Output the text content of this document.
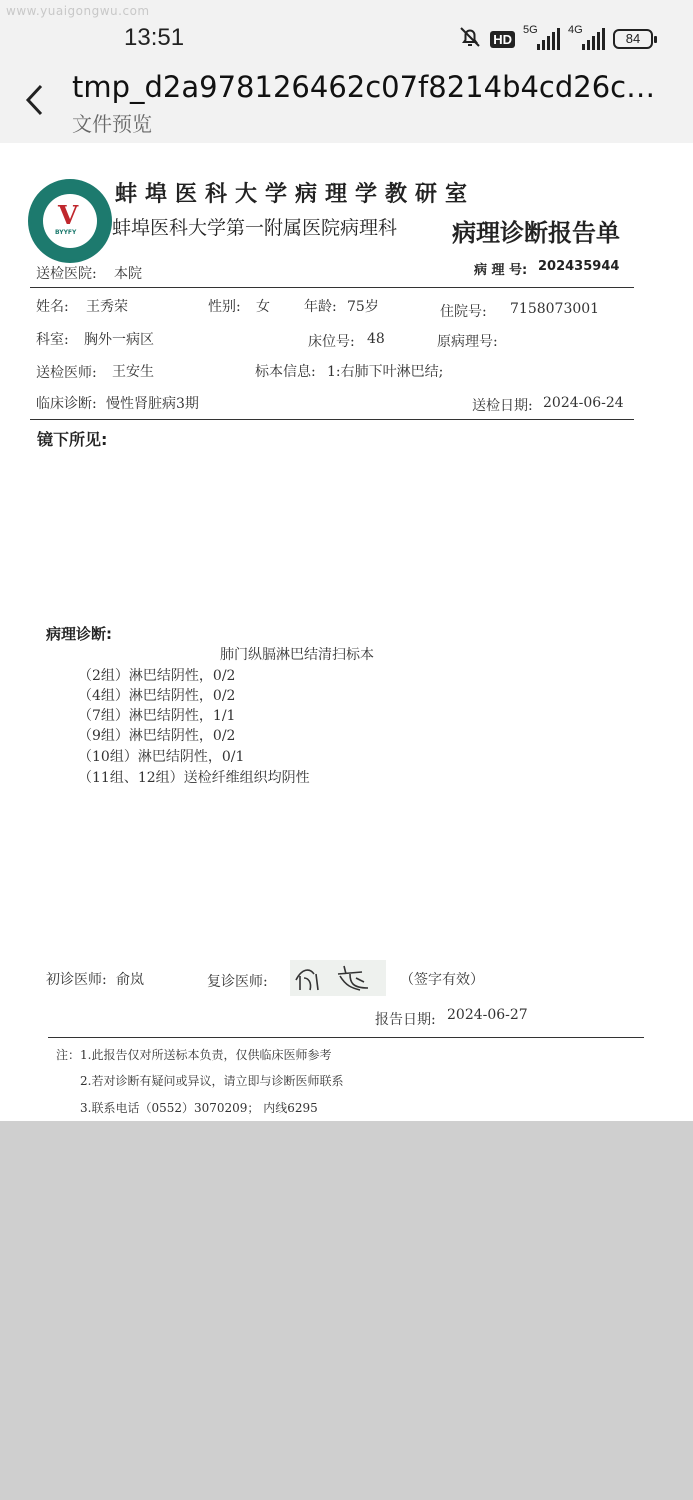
www.yuaigongwu.com
13:51	HD
5G	4G
84
tmp_d2a978126462c07f8214b4cd26c…
文件预览
V
BYYFY
蚌埠医科大学病理学教研室
蚌埠医科大学第一附属医院病理科 病理诊断报告单
送检医院: 本院	病 理 号: 202435944
姓名: 王秀荣	性别: 女 年龄: 75岁	住院号: 7158073001
科室: 胸外一病区	床位号: 48	原病理号:
送检医师: 王安生	标本信息: 1:右肺下叶淋巴结;
临床诊断: 慢性肾脏病3期	送检日期: 2024-06-24
镜下所见:
病理诊断:
肺门纵膈淋巴结清扫标本
（2组）淋巴结阴性，0/2
（4组）淋巴结阴性，0/2
（7组）淋巴结阴性，1/1
（9组）淋巴结阴性，0/2
（10组）淋巴结阴性，0/1
（11组、12组）送检纤维组织均阴性
初诊医师: 俞岚	复诊医师:	（签字有效）
报告日期: 2024-06-27
注：1.此报告仅对所送标本负责，仅供临床医师参考
2.若对诊断有疑问或异议，请立即与诊断医师联系
3.联系电话（0552）3070209； 内线6295
